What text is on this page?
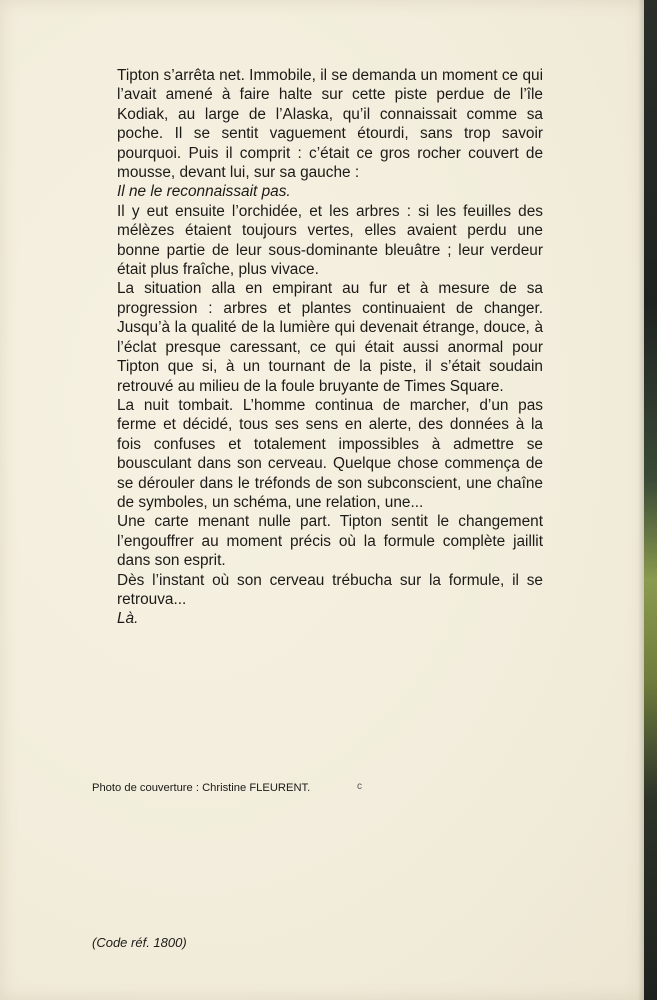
Tipton s’arrêta net. Immobile, il se demanda un moment ce qui l’avait amené à faire halte sur cette piste perdue de l’île Kodiak, au large de l’Alaska, qu’il connaissait comme sa poche. Il se sentit vaguement étourdi, sans trop savoir pourquoi. Puis il comprit : c’était ce gros rocher couvert de mousse, devant lui, sur sa gauche :

Il ne le reconnaissait pas.

Il y eut ensuite l’orchidée, et les arbres : si les feuilles des mélèzes étaient toujours vertes, elles avaient perdu une bonne partie de leur sous-dominante bleuâtre ; leur verdeur était plus fraîche, plus vivace.

La situation alla en empirant au fur et à mesure de sa progression : arbres et plantes continuaient de changer. Jusqu’à la qualité de la lumière qui devenait étrange, douce, à l’éclat presque caressant, ce qui était aussi anormal pour Tipton que si, à un tournant de la piste, il s’était soudain retrouvé au milieu de la foule bruyante de Times Square.

La nuit tombait. L’homme continua de marcher, d’un pas ferme et décidé, tous ses sens en alerte, des données à la fois confuses et totalement impossibles à admettre se bousculant dans son cerveau. Quelque chose commença de se dérouler dans le tréfonds de son subconscient, une chaîne de symboles, un schéma, une relation, une...

Une carte menant nulle part. Tipton sentit le changement l’engouffrer au moment précis où la formule complète jaillit dans son esprit.

Dès l’instant où son cerveau trébucha sur la formule, il se retrouva...

Là.

Photo de couverture : Christine FLEURENT.	c
(Code réf. 1800)
